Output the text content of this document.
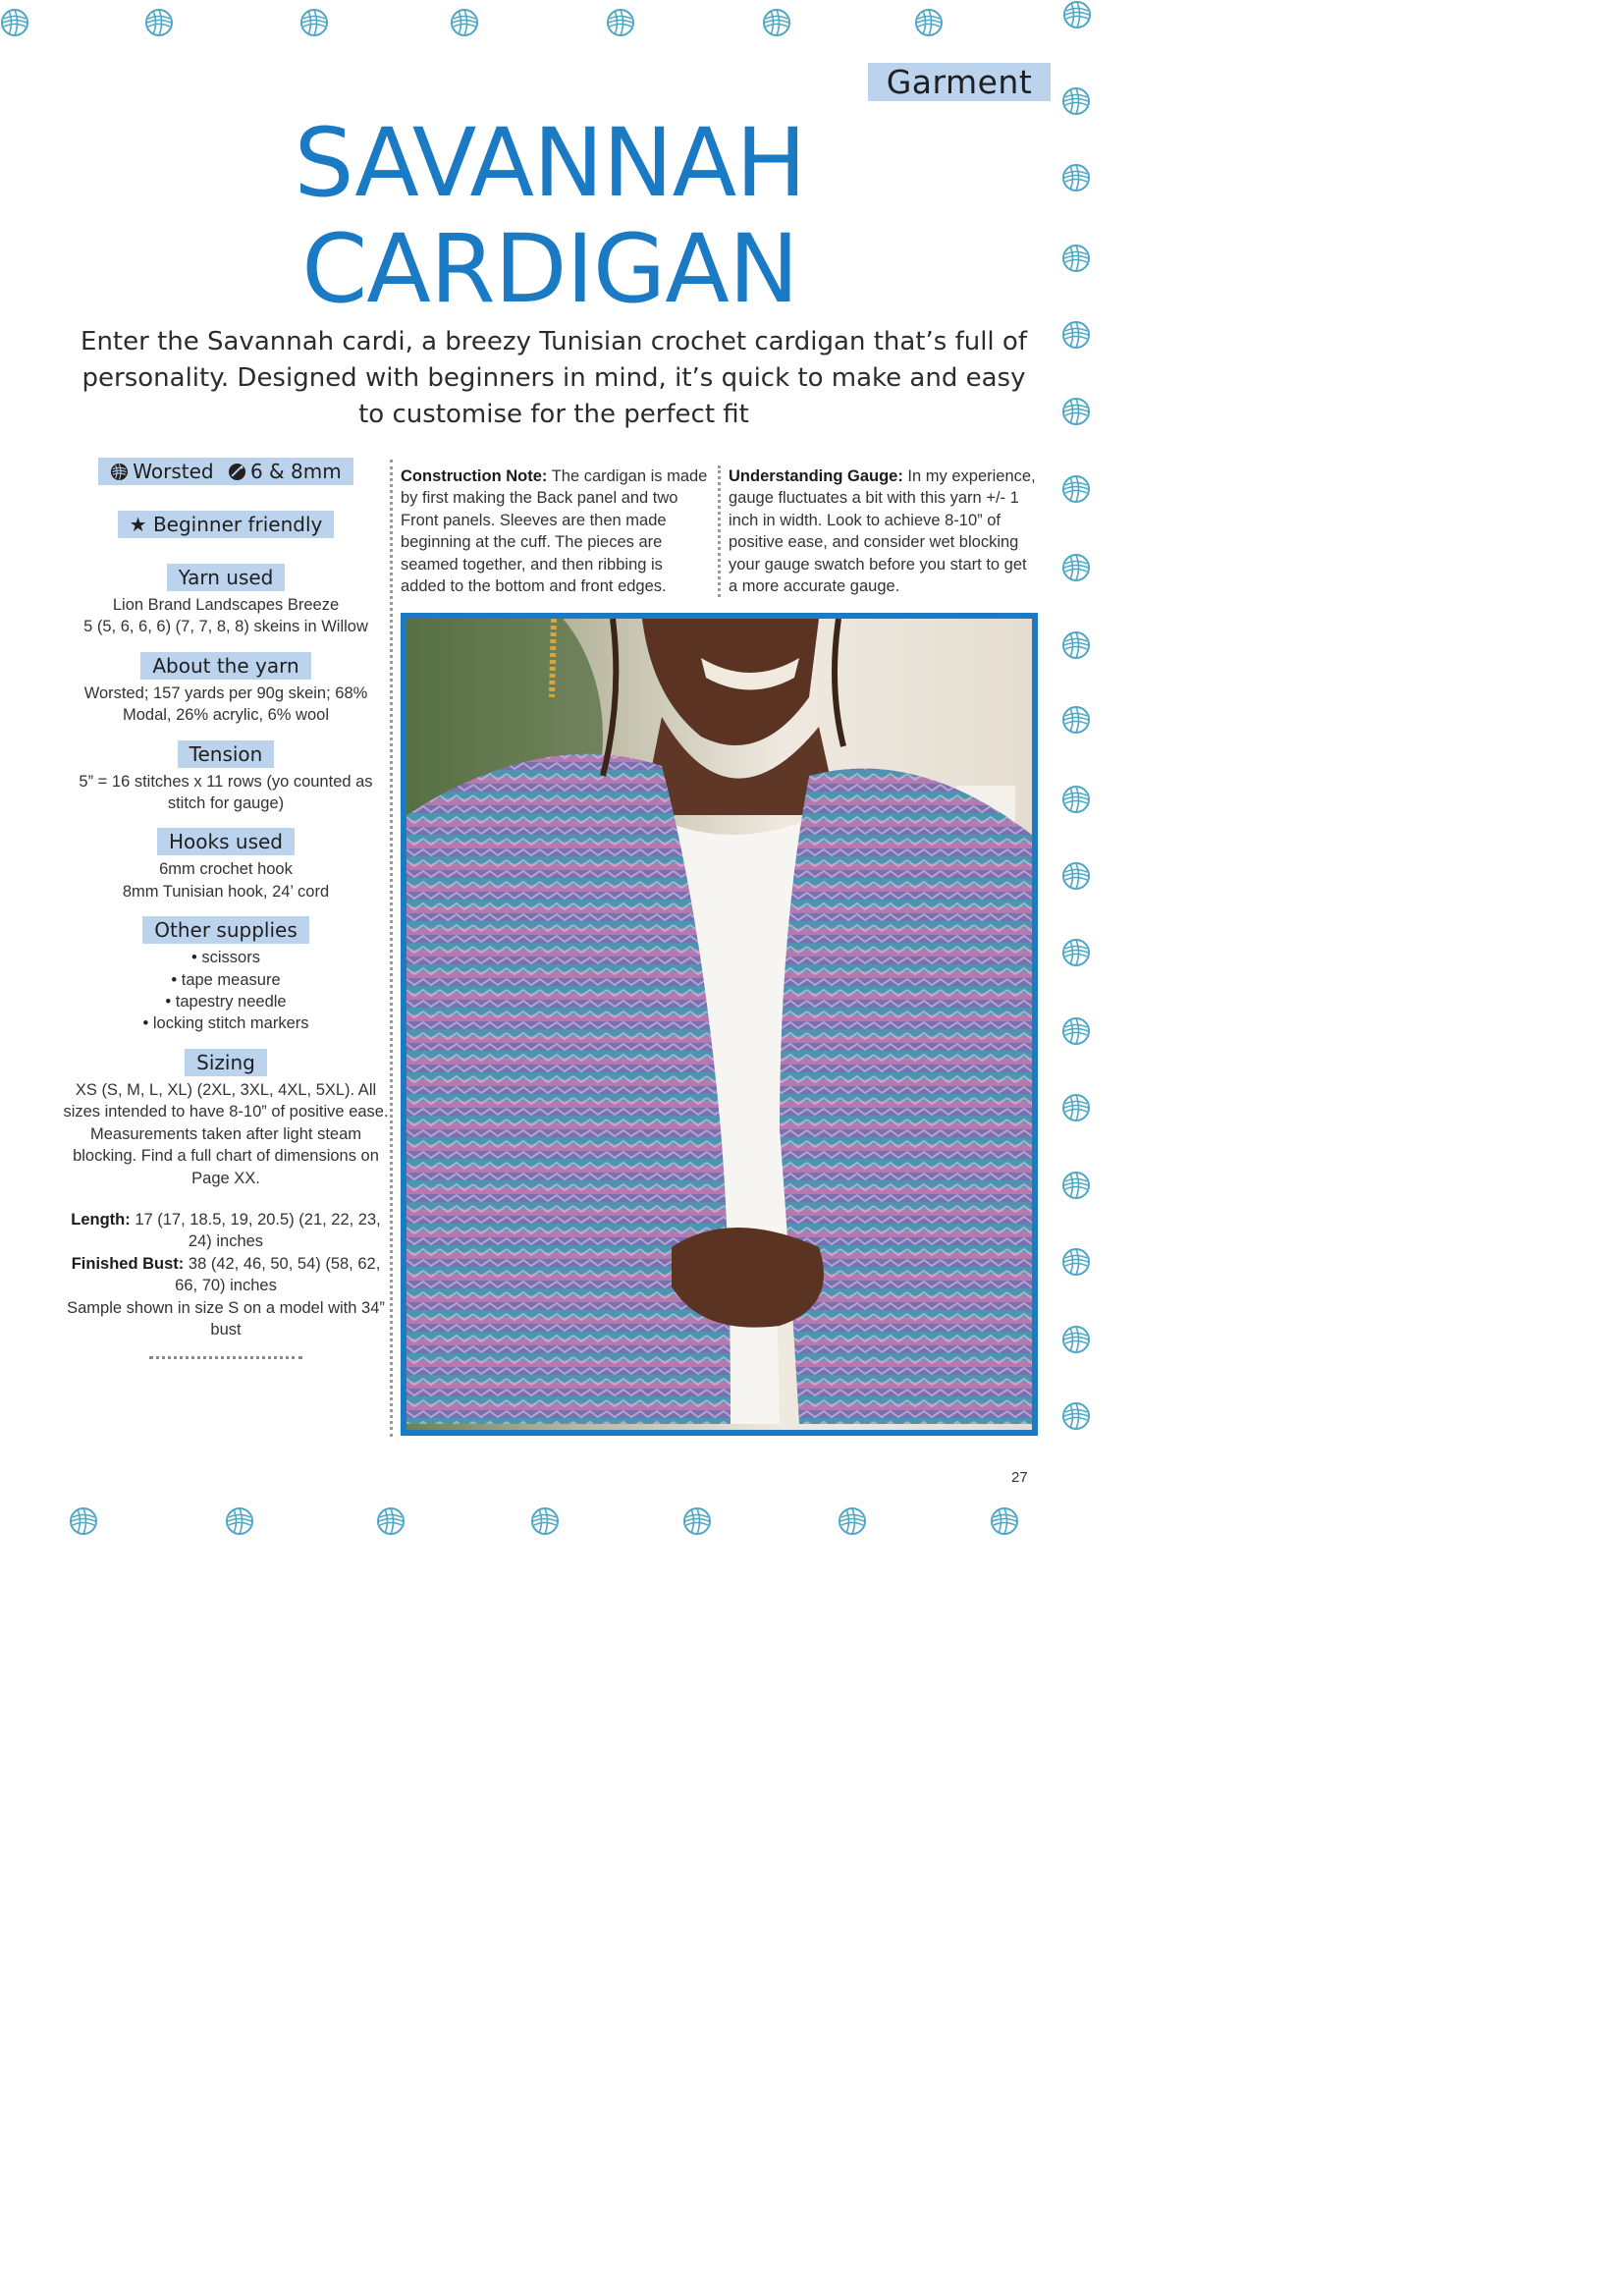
Garment
SAVANNAH
CARDIGAN

Enter the Savannah cardi, a breezy Tunisian crochet cardigan that’s full of personality. Designed with beginners in mind, it’s quick to make and easy to customise for the perfect fit

Worsted 6 & 8mm
★ Beginner friendly
Yarn used
Lion Brand Landscapes Breeze
5 (5, 6, 6, 6) (7, 7, 8, 8) skeins in Willow
About the yarn
Worsted; 157 yards per 90g skein; 68% Modal, 26% acrylic, 6% wool
Tension
5” = 16 stitches x 11 rows (yo counted as stitch for gauge)
Hooks used
6mm crochet hook
8mm Tunisian hook, 24’ cord
Other supplies
• scissors
• tape measure
• tapestry needle
• locking stitch markers
Sizing
XS (S, M, L, XL) (2XL, 3XL, 4XL, 5XL). All sizes intended to have 8-10” of positive ease. Measurements taken after light steam blocking. Find a full chart of dimensions on Page XX.
Length: 17 (17, 18.5, 19, 20.5) (21, 22, 23, 24) inches
Finished Bust: 38 (42, 46, 50, 54) (58, 62, 66, 70) inches
Sample shown in size S on a model with 34” bust
Construction Note: The cardigan is made by first making the Back panel and two Front panels. Sleeves are then made beginning at the cuff. The pieces are seamed together, and then ribbing is added to the bottom and front edges.
Understanding Gauge: In my experience, gauge fluctuates a bit with this yarn +/- 1 inch in width. Look to achieve 8-10” of positive ease, and consider wet blocking your gauge swatch before you start to get a more accurate gauge.
27
